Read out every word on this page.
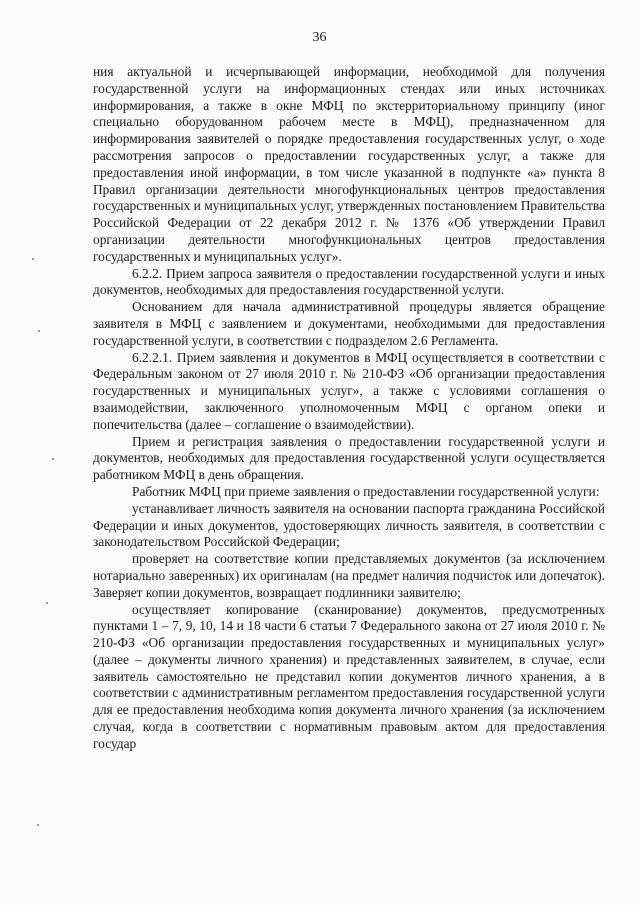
36

ния актуальной и исчерпывающей информации, необходимой для получения государственной услуги на информационных стендах или иных источниках информирования, а также в окне МФЦ по экстерриториальному принципу (иног специально оборудованном рабочем месте в МФЦ), предназначенном для информирования заявителей о порядке предоставления государственных услуг, о ходе рассмотрения запросов о предоставлении государственных услуг, а также для предоставления иной информации, в том числе указанной в подпункте «а» пункта 8 Правил организации деятельности многофункциональных центров предоставления государственных и муниципальных услуг, утвержденных постановлением Правительства Российской Федерации от 22 декабря 2012 г. № 1376 «Об утверждении Правил организации деятельности многофункциональных центров предоставления государственных и муниципальных услуг».

6.2.2. Прием запроса заявителя о предоставлении государственной услуги и иных документов, необходимых для предоставления государственной услуги.

Основанием для начала административной процедуры является обращение заявителя в МФЦ с заявлением и документами, необходимыми для предоставления государственной услуги, в соответствии с подразделом 2.6 Регламента.

6.2.2.1. Прием заявления и документов в МФЦ осуществляется в соответствии с Федеральным законом от 27 июля 2010 г. № 210-ФЗ «Об организации предоставления государственных и муниципальных услуг», а также с условиями соглашения о взаимодействии, заключенного уполномоченным МФЦ с органом опеки и попечительства (далее – соглашение о взаимодействии).

Прием и регистрация заявления о предоставлении государственной услуги и документов, необходимых для предоставления государственной услуги осуществляется работником МФЦ в день обращения.

Работник МФЦ при приеме заявления о предоставлении государственной услуги:

устанавливает личность заявителя на основании паспорта гражданина Российской Федерации и иных документов, удостоверяющих личность заявителя, в соответствии с законодательством Российской Федерации;

проверяет на соответствие копии представляемых документов (за исключением нотариально заверенных) их оригиналам (на предмет наличия подчисток или допечаток). Заверяет копии документов, возвращает подлинники заявителю;

осуществляет копирование (сканирование) документов, предусмотренных пунктами 1 – 7, 9, 10, 14 и 18 части 6 статьи 7 Федерального закона от 27 июля 2010 г. № 210-ФЗ «Об организации предоставления государственных и муниципальных услуг» (далее – документы личного хранения) и представленных заявителем, в случае, если заявитель самостоятельно не представил копии документов личного хранения, а в соответствии с административным регламентом предоставления государственной услуги для ее предоставления необходима копия документа личного хранения (за исключением случая, когда в соответствии с нормативным правовым актом для предоставления государ
